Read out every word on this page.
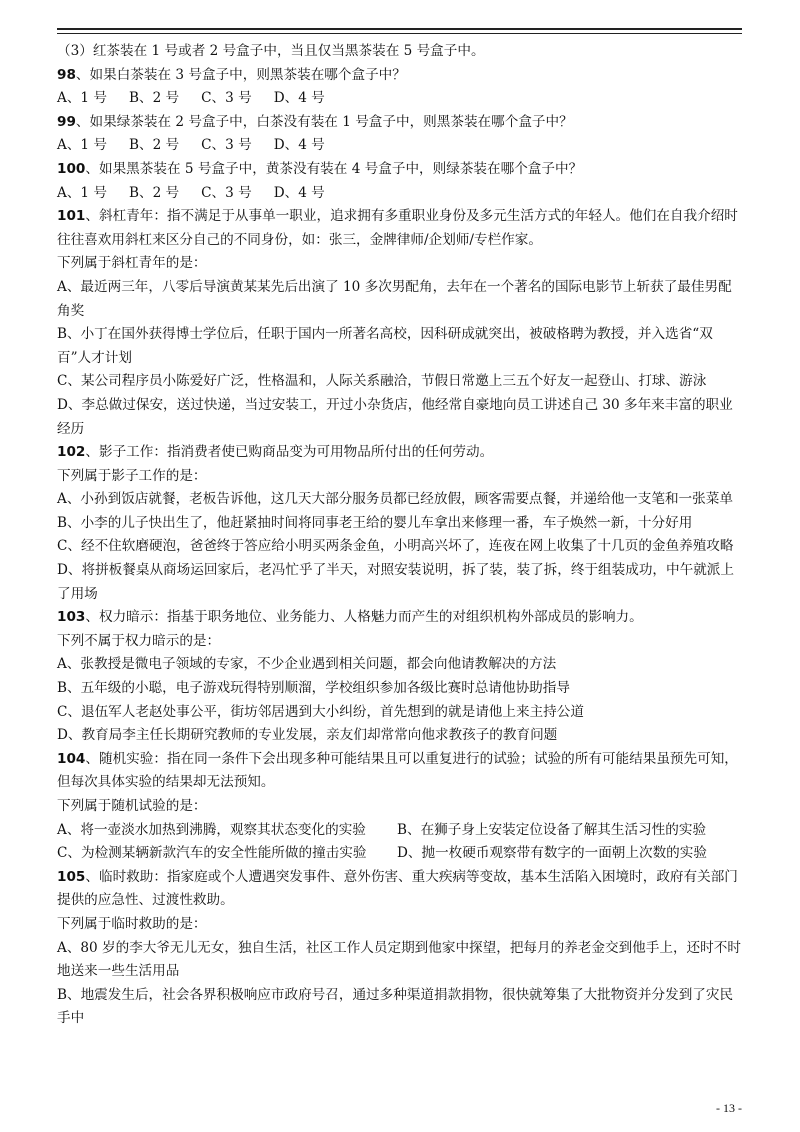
（3）红茶装在 1 号或者 2 号盒子中，当且仅当黑茶装在 5 号盒子中。
98、如果白茶装在 3 号盒子中，则黑茶装在哪个盒子中？
A、1 号 B、2 号 C、3 号 D、4 号
99、如果绿茶装在 2 号盒子中，白茶没有装在 1 号盒子中，则黑茶装在哪个盒子中？
A、1 号 B、2 号 C、3 号 D、4 号
100、如果黑茶装在 5 号盒子中，黄茶没有装在 4 号盒子中，则绿茶装在哪个盒子中？
A、1 号 B、2 号 C、3 号 D、4 号
101、斜杠青年：指不满足于从事单一职业，追求拥有多重职业身份及多元生活方式的年轻人。他们在自我介绍时往往喜欢用斜杠来区分自己的不同身份，如：张三，金牌律师/企划师/专栏作家。
下列属于斜杠青年的是：
A、最近两三年，八零后导演黄某某先后出演了 10 多次男配角，去年在一个著名的国际电影节上斩获了最佳男配角奖
B、小丁在国外获得博士学位后，任职于国内一所著名高校，因科研成就突出，被破格聘为教授，并入选省“双百”人才计划
C、某公司程序员小陈爱好广泛，性格温和，人际关系融洽，节假日常邀上三五个好友一起登山、打球、游泳
D、李总做过保安，送过快递，当过安装工，开过小杂货店，他经常自豪地向员工讲述自己 30 多年来丰富的职业经历
102、影子工作：指消费者使已购商品变为可用物品所付出的任何劳动。
下列属于影子工作的是：
A、小孙到饭店就餐，老板告诉他，这几天大部分服务员都已经放假，顾客需要点餐，并递给他一支笔和一张菜单
B、小李的儿子快出生了，他赶紧抽时间将同事老王给的婴儿车拿出来修理一番，车子焕然一新，十分好用
C、经不住软磨硬泡，爸爸终于答应给小明买两条金鱼，小明高兴坏了，连夜在网上收集了十几页的金鱼养殖攻略
D、将拼板餐桌从商场运回家后，老冯忙乎了半天，对照安装说明，拆了装，装了拆，终于组装成功，中午就派上了用场
103、权力暗示：指基于职务地位、业务能力、人格魅力而产生的对组织机构外部成员的影响力。
下列不属于权力暗示的是：
A、张教授是微电子领域的专家，不少企业遇到相关问题，都会向他请教解决的方法
B、五年级的小聪，电子游戏玩得特别顺溜，学校组织参加各级比赛时总请他协助指导
C、退伍军人老赵处事公平，街坊邻居遇到大小纠纷，首先想到的就是请他上来主持公道
D、教育局李主任长期研究教师的专业发展，亲友们却常常向他求教孩子的教育问题
104、随机实验：指在同一条件下会出现多种可能结果且可以重复进行的试验；试验的所有可能结果虽预先可知，但每次具体实验的结果却无法预知。
下列属于随机试验的是：
A、将一壶淡水加热到沸腾，观察其状态变化的实验 B、在狮子身上安装定位设备了解其生活习性的实验
C、为检测某辆新款汽车的安全性能所做的撞击实验 D、抛一枚硬币观察带有数字的一面朝上次数的实验
105、临时救助：指家庭或个人遭遇突发事件、意外伤害、重大疾病等变故，基本生活陷入困境时，政府有关部门提供的应急性、过渡性救助。
下列属于临时救助的是：
A、80 岁的李大爷无儿无女，独自生活，社区工作人员定期到他家中探望，把每月的养老金交到他手上，还时不时地送来一些生活用品
B、地震发生后，社会各界积极响应市政府号召，通过多种渠道捐款捐物，很快就筹集了大批物资并分发到了灾民手中
- 13 -
